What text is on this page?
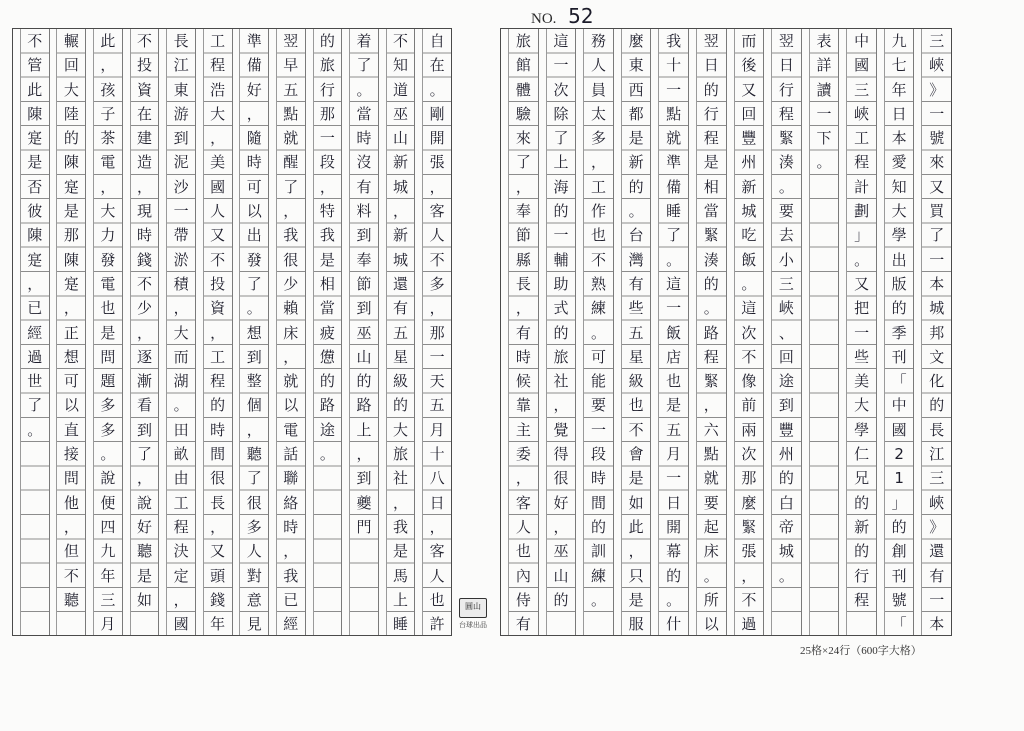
NO. 52
自
在
。
剛
開
張
，
客
人
不
多
，
那
一
天
五
月
十
八
日
，
客
人
也
許
不
知
道
巫
山
新
城
，
新
城
還
有
五
星
級
的
大
旅
社
，
我
是
馬
上
睡
着
了
。
當
時
沒
有
料
到
奉
節
到
巫
山
的
路
上
，
到
夔
門
的
旅
行
那
一
段
，
特
我
是
相
當
疲
憊
的
路
途
。
翌
早
五
點
就
醒
了
，
我
很
少
賴
床
，
就
以
電
話
聯
絡
時
，
我
已
經
準
備
好
，
隨
時
可
以
出
發
了
。
想
到
整
個
，
聽
了
很
多
人
對
意
見
工
程
浩
大
，
美
國
人
又
不
投
資
，
工
程
的
時
間
很
長
，
又
頭
錢
年
長
江
東
游
到
泥
沙
一
帶
淤
積
，
大
而
湖
。
田
畝
由
工
程
決
定
，
國
不
投
資
在
建
造
，
現
時
錢
不
少
，
逐
漸
看
到
了
，
說
好
聽
是
如
此
，
孩
子
茶
電
，
大
力
發
電
也
是
問
題
多
多
。
說
便
四
九
年
三
月
輾
回
大
陸
的
陳
寔
是
那
陳
寔
，
正
想
可
以
直
接
問
他
，
但
不
聽
不
管
此
陳
寔
是
否
彼
陳
寔
，
已
經
過
世
了
。
三
峽
》
一
號
來
又
買
了
一
本
城
邦
文
化
的
長
江
三
峽
》
還
有
一
本
九
七
年
日
本
愛
知
大
學
出
版
的
季
刊
「
中
國
2
1
」
的
創
刊
號
「
中
國
三
峽
工
程
計
劃
」
。
又
把
一
些
美
大
學
仁
兄
的
新
的
行
程
表
詳
讀
一
下
。
翌
日
行
程
緊
湊
。
要
去
小
三
峽
、
回
途
到
豐
州
的
白
帝
城
。
而
後
又
回
豐
州
新
城
吃
飯
。
這
次
不
像
前
兩
次
那
麼
緊
張
，
不
過
翌
日
的
行
程
是
相
當
緊
湊
的
。
路
程
緊
，
六
點
就
要
起
床
。
所
以
我
十
一
點
就
準
備
睡
了
。
這
一
飯
店
也
是
五
月
一
日
開
幕
的
。
什
麼
東
西
都
是
新
的
。
台
灣
有
些
五
星
級
也
不
會
是
如
此
，
只
是
服
務
人
員
太
多
，
工
作
也
不
熟
練
。
可
能
要
一
段
時
間
的
訓
練
。
這
一
次
除
了
上
海
的
一
輔
助
式
的
旅
社
，
覺
得
很
好
，
巫
山
的
旅
館
體
驗
來
了
，
奉
節
縣
長
，
有
時
候
靠
主
委
，
客
人
也
內
侍
有
圓山
台球出品
25格×24行（600字大格）
